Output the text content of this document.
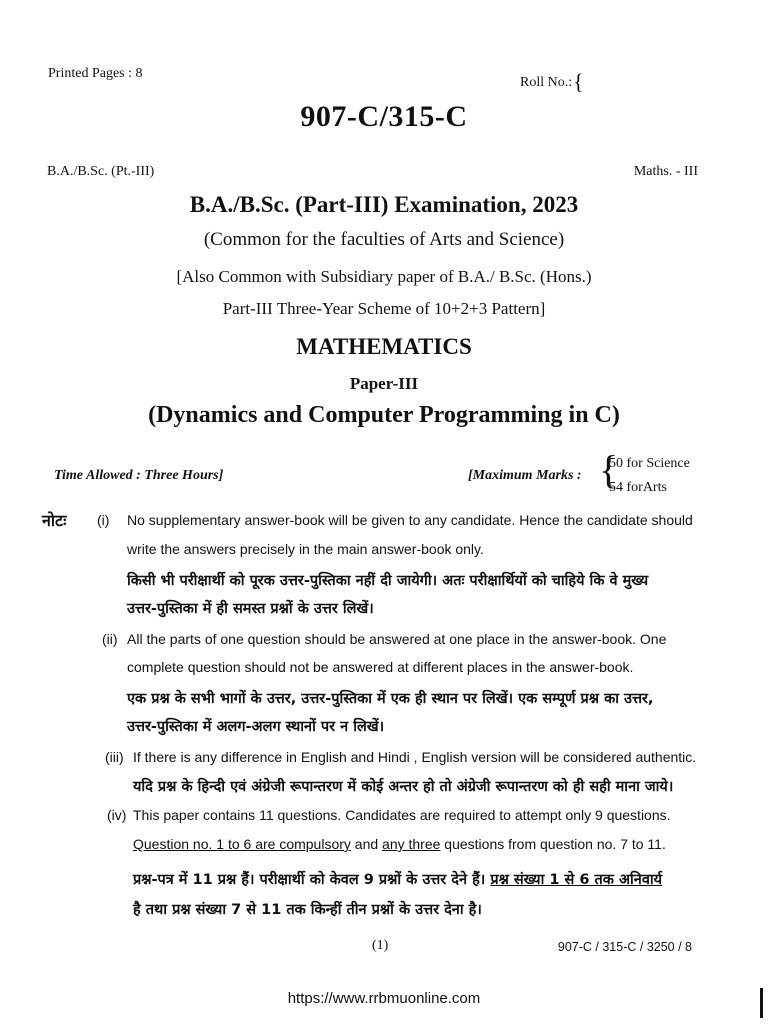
Printed Pages : 8
Roll No.:{
907-C/315-C
B.A./B.Sc. (Pt.-III)	Maths. - III
B.A./B.Sc. (Part-III) Examination, 2023
(Common for the faculties of Arts and Science)
[Also Common with Subsidiary paper of B.A./ B.Sc. (Hons.)
Part-III Three-Year Scheme of 10+2+3 Pattern]
MATHEMATICS
Paper-III
(Dynamics and Computer Programming in C)
Time Allowed : Three Hours]	[Maximum Marks : {
50 for Science
54 forArts
नोटः (i) No supplementary answer-book will be given to any candidate. Hence the candidate should
write the answers precisely in the main answer-book only.
किसी भी परीक्षार्थी को पूरक उत्तर-पुस्तिका नहीं दी जायेगी। अतः परीक्षार्थियों को चाहिये कि वे मुख्य
उत्तर-पुस्तिका में ही समस्त प्रश्नों के उत्तर लिखें।
(ii) All the parts of one question should be answered at one place in the answer-book. One
complete question should not be answered at different places in the answer-book.
एक प्रश्न के सभी भागों के उत्तर, उत्तर-पुस्तिका में एक ही स्थान पर लिखें। एक सम्पूर्ण प्रश्न का उत्तर,
उत्तर-पुस्तिका में अलग-अलग स्थानों पर न लिखें।
(iii) If there is any difference in English and Hindi , English version will be considered authentic.
यदि प्रश्न के हिन्दी एवं अंग्रेजी रूपान्तरण में कोई अन्तर हो तो अंग्रेजी रूपान्तरण को ही सही माना जाये।
(iv) This paper contains 11 questions. Candidates are required to attempt only 9 questions.
Question no. 1 to 6 are compulsory and any three questions from question no. 7 to 11.
प्रश्न-पत्र में 11 प्रश्न हैं। परीक्षार्थी को केवल 9 प्रश्नों के उत्तर देने हैं। प्रश्न संख्या 1 से 6 तक अनिवार्य
है तथा प्रश्न संख्या 7 से 11 तक किन्हीं तीन प्रश्नों के उत्तर देना है।
(1)	907-C / 315-C / 3250 / 8
https://www.rrbmuonline.com
